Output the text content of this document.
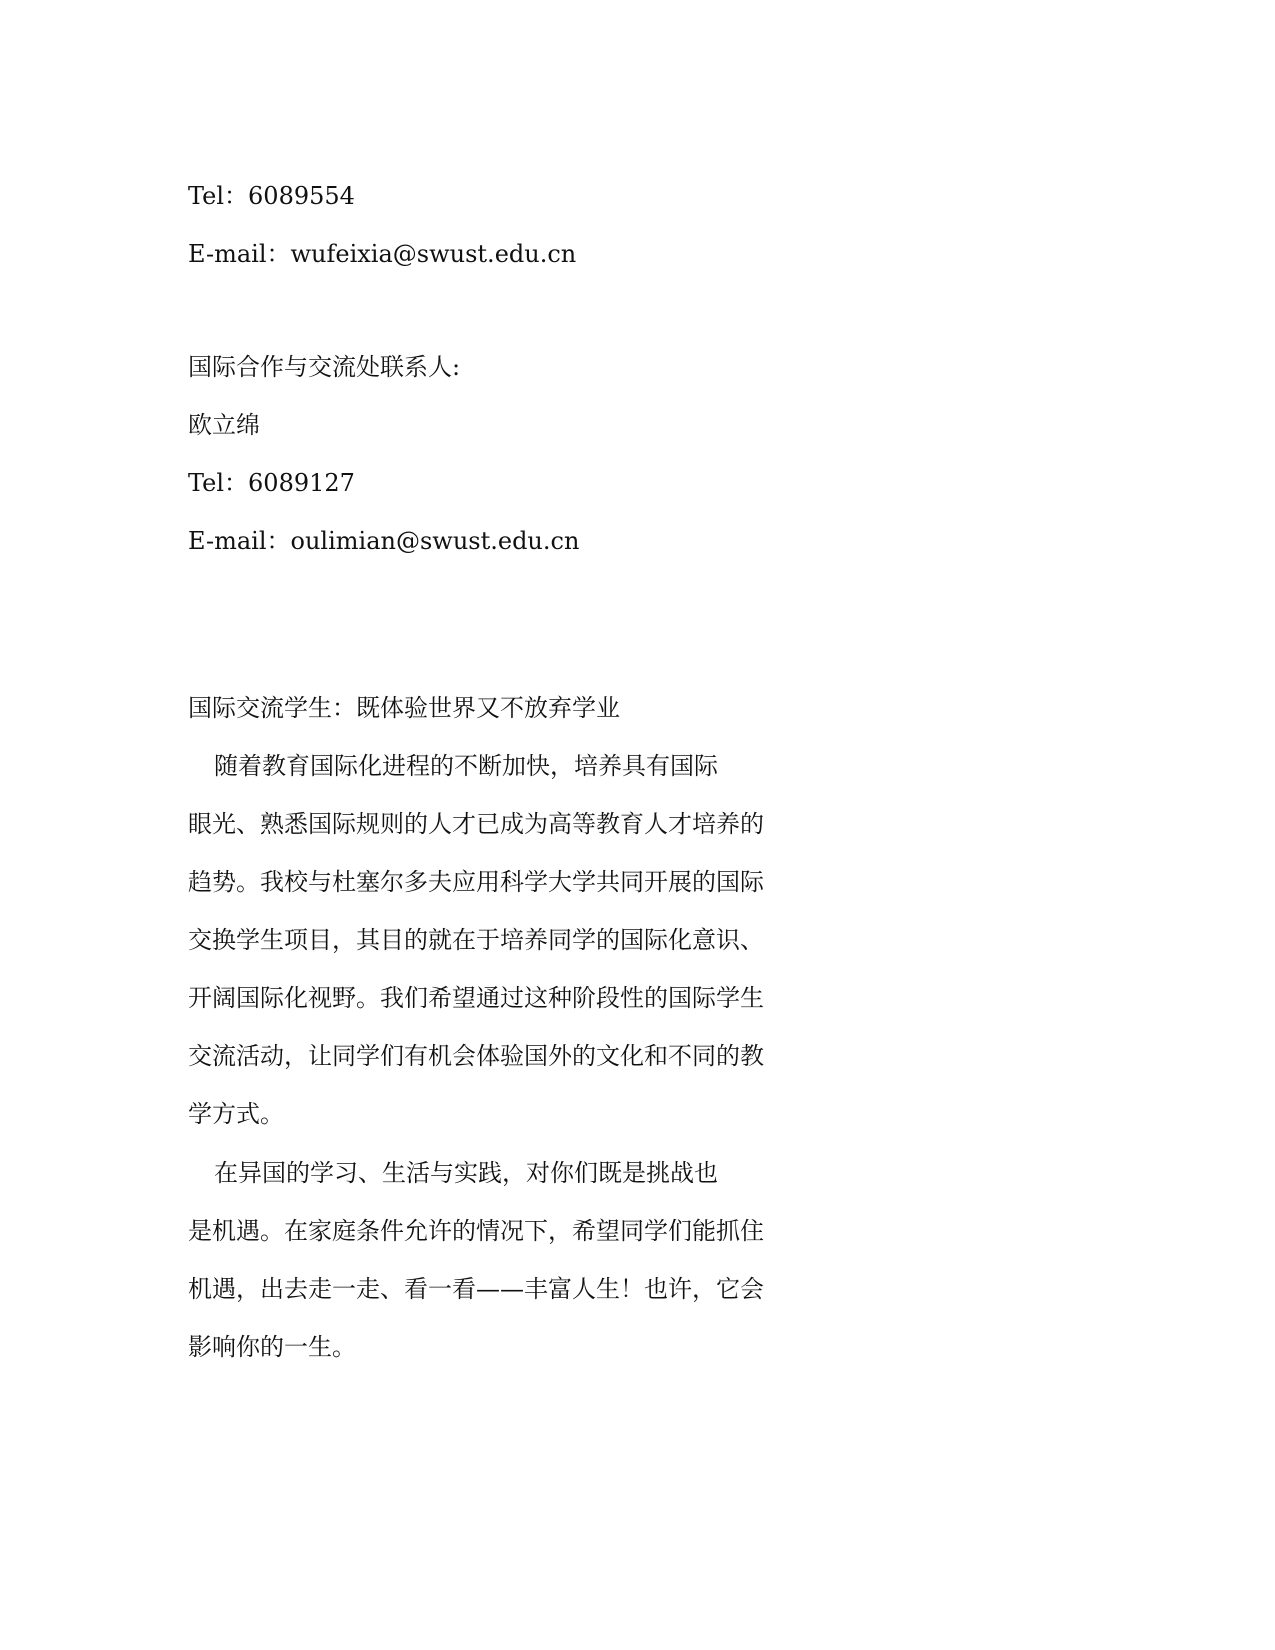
Tel：6089554
E-mail：wufeixia@swust.edu.cn
国际合作与交流处联系人:
欧立绵
Tel：6089127
E-mail：oulimian@swust.edu.cn
国际交流学生：既体验世界又不放弃学业
随着教育国际化进程的不断加快，培养具有国际
眼光、熟悉国际规则的人才已成为高等教育人才培养的
趋势。我校与杜塞尔多夫应用科学大学共同开展的国际
交换学生项目，其目的就在于培养同学的国际化意识、
开阔国际化视野。我们希望通过这种阶段性的国际学生
交流活动，让同学们有机会体验国外的文化和不同的教
学方式。
在异国的学习、生活与实践，对你们既是挑战也
是机遇。在家庭条件允许的情况下，希望同学们能抓住
机遇，出去走一走、看一看——丰富人生！也许，它会
影响你的一生。
